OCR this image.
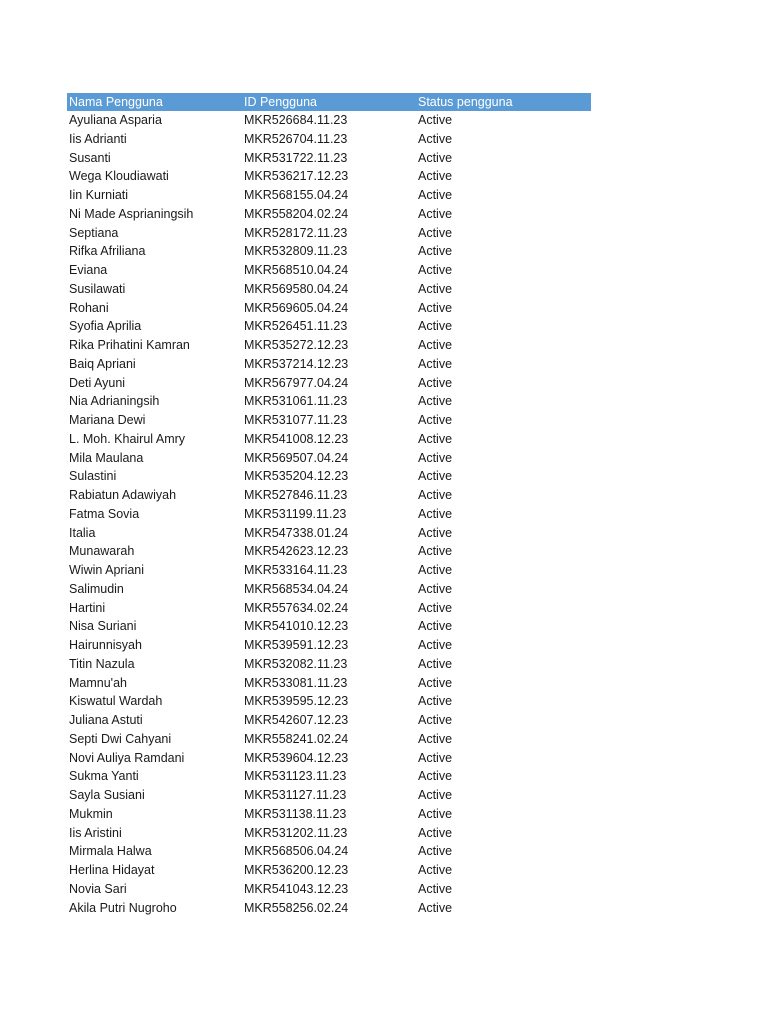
Nama Pengguna	ID Pengguna	Status pengguna
Ayuliana Asparia	MKR526684.11.23	Active
Iis Adrianti	MKR526704.11.23	Active
Susanti	MKR531722.11.23	Active
Wega Kloudiawati	MKR536217.12.23	Active
Iin Kurniati	MKR568155.04.24	Active
Ni Made Asprianingsih	MKR558204.02.24	Active
Septiana	MKR528172.11.23	Active
Rifka Afriliana	MKR532809.11.23	Active
Eviana	MKR568510.04.24	Active
Susilawati	MKR569580.04.24	Active
Rohani	MKR569605.04.24	Active
Syofia Aprilia	MKR526451.11.23	Active
Rika Prihatini Kamran	MKR535272.12.23	Active
Baiq Apriani	MKR537214.12.23	Active
Deti Ayuni	MKR567977.04.24	Active
Nia Adrianingsih	MKR531061.11.23	Active
Mariana Dewi	MKR531077.11.23	Active
L. Moh. Khairul Amry	MKR541008.12.23	Active
Mila Maulana	MKR569507.04.24	Active
Sulastini	MKR535204.12.23	Active
Rabiatun Adawiyah	MKR527846.11.23	Active
Fatma Sovia	MKR531199.11.23	Active
Italia	MKR547338.01.24	Active
Munawarah	MKR542623.12.23	Active
Wiwin Apriani	MKR533164.11.23	Active
Salimudin	MKR568534.04.24	Active
Hartini	MKR557634.02.24	Active
Nisa Suriani	MKR541010.12.23	Active
Hairunnisyah	MKR539591.12.23	Active
Titin Nazula	MKR532082.11.23	Active
Mamnu'ah	MKR533081.11.23	Active
Kiswatul Wardah	MKR539595.12.23	Active
Juliana Astuti	MKR542607.12.23	Active
Septi Dwi Cahyani	MKR558241.02.24	Active
Novi Auliya Ramdani	MKR539604.12.23	Active
Sukma Yanti	MKR531123.11.23	Active
Sayla Susiani	MKR531127.11.23	Active
Mukmin	MKR531138.11.23	Active
Iis Aristini	MKR531202.11.23	Active
Mirmala Halwa	MKR568506.04.24	Active
Herlina Hidayat	MKR536200.12.23	Active
Novia Sari	MKR541043.12.23	Active
Akila Putri Nugroho	MKR558256.02.24	Active
